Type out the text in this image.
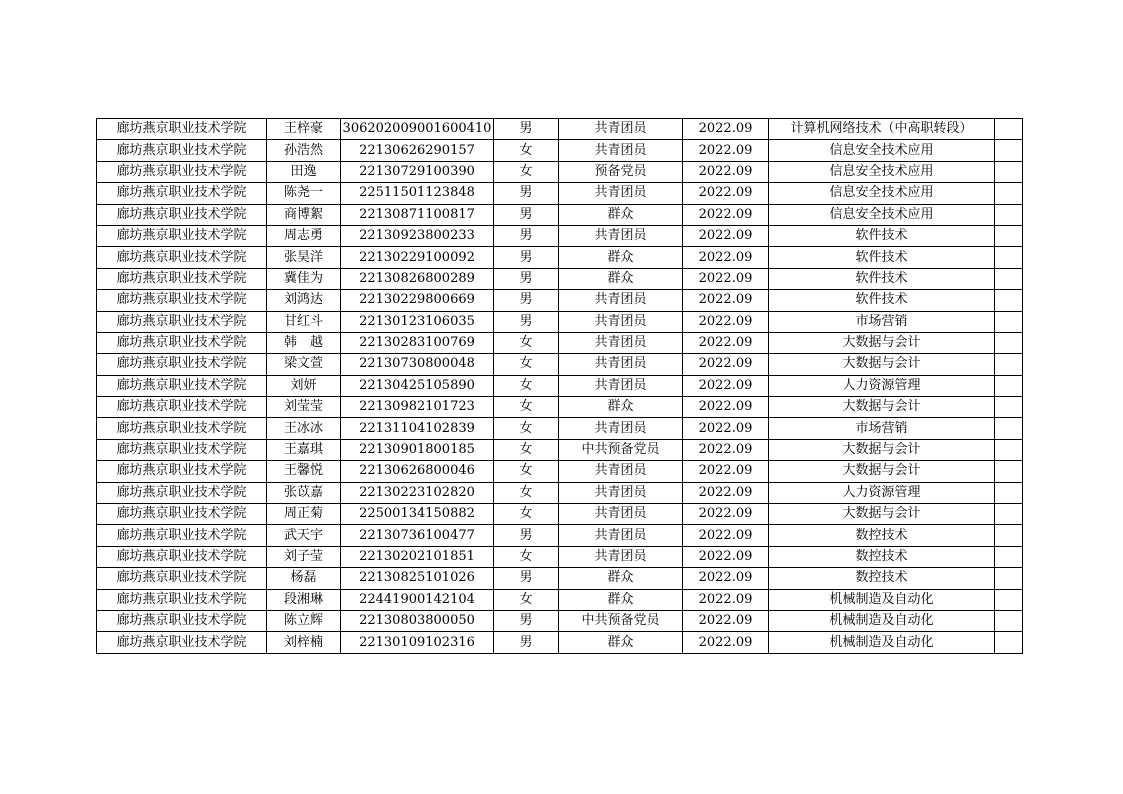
廊坊燕京职业技术学院	王梓豪	306202009001600410	男	共青团员	2022.09	计算机网络技术（中高职转段）	
廊坊燕京职业技术学院	孙浩然	22130626290157	女	共青团员	2022.09	信息安全技术应用	
廊坊燕京职业技术学院	田逸	22130729100390	女	预备党员	2022.09	信息安全技术应用	
廊坊燕京职业技术学院	陈尧一	22511501123848	男	共青团员	2022.09	信息安全技术应用	
廊坊燕京职业技术学院	商博絮	22130871100817	男	群众	2022.09	信息安全技术应用	
廊坊燕京职业技术学院	周志勇	22130923800233	男	共青团员	2022.09	软件技术	
廊坊燕京职业技术学院	张昊洋	22130229100092	男	群众	2022.09	软件技术	
廊坊燕京职业技术学院	冀佳为	22130826800289	男	群众	2022.09	软件技术	
廊坊燕京职业技术学院	刘鸿达	22130229800669	男	共青团员	2022.09	软件技术	
廊坊燕京职业技术学院	甘红斗	22130123106035	男	共青团员	2022.09	市场营销	
廊坊燕京职业技术学院	韩　越	22130283100769	女	共青团员	2022.09	大数据与会计	
廊坊燕京职业技术学院	梁文萱	22130730800048	女	共青团员	2022.09	大数据与会计	
廊坊燕京职业技术学院	刘妍	22130425105890	女	共青团员	2022.09	人力资源管理	
廊坊燕京职业技术学院	刘莹莹	22130982101723	女	群众	2022.09	大数据与会计	
廊坊燕京职业技术学院	王冰冰	22131104102839	女	共青团员	2022.09	市场营销	
廊坊燕京职业技术学院	王嘉琪	22130901800185	女	中共预备党员	2022.09	大数据与会计	
廊坊燕京职业技术学院	王馨悦	22130626800046	女	共青团员	2022.09	大数据与会计	
廊坊燕京职业技术学院	张苡嘉	22130223102820	女	共青团员	2022.09	人力资源管理	
廊坊燕京职业技术学院	周正菊	22500134150882	女	共青团员	2022.09	大数据与会计	
廊坊燕京职业技术学院	武天宇	22130736100477	男	共青团员	2022.09	数控技术	
廊坊燕京职业技术学院	刘子莹	22130202101851	女	共青团员	2022.09	数控技术	
廊坊燕京职业技术学院	杨磊	22130825101026	男	群众	2022.09	数控技术	
廊坊燕京职业技术学院	段湘琳	22441900142104	女	群众	2022.09	机械制造及自动化	
廊坊燕京职业技术学院	陈立辉	22130803800050	男	中共预备党员	2022.09	机械制造及自动化	
廊坊燕京职业技术学院	刘梓楠	22130109102316	男	群众	2022.09	机械制造及自动化	
